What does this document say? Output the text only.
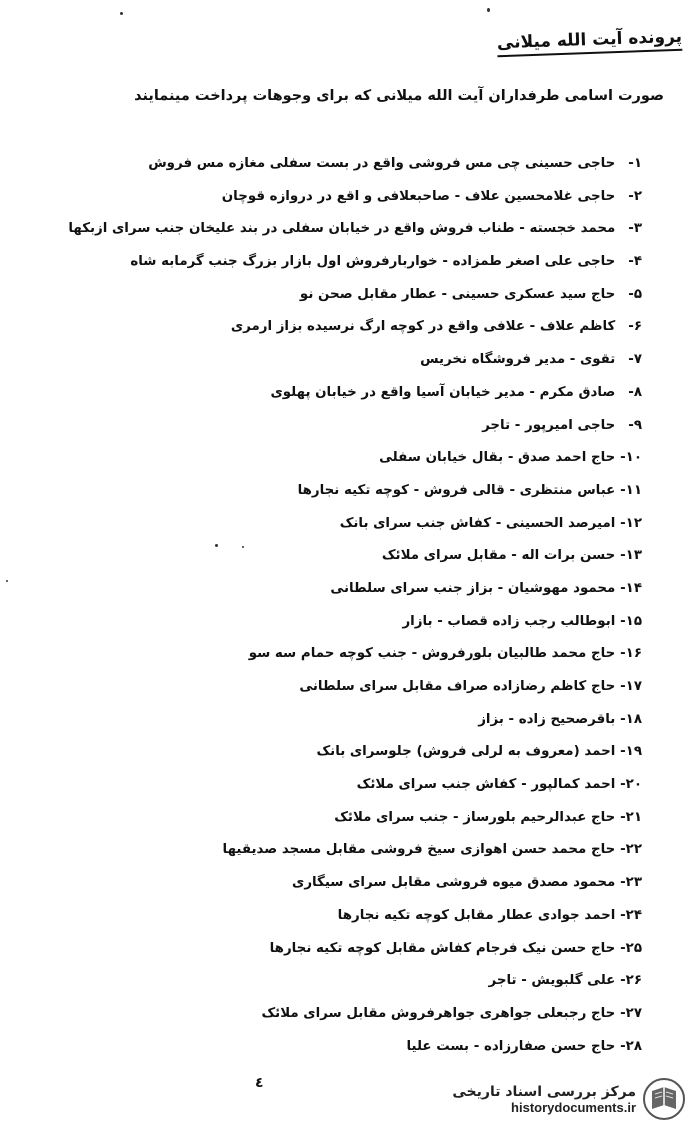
پرونده آیت الله میلانی
صورت اسامی طرفداران آیت الله میلانی که برای وجوهات پرداخت مینمایند
۱- حاجی حسینی چی مس فروشی واقع در بست سفلی مغازه مس فروش
۲- حاجی غلامحسین علاف - صاحبعلافی و اقع در دروازه قوچان
۳- محمد خجسته - طناب فروش واقع در خیابان سفلی در بند علیخان جنب سرای ازبکها
۴- حاجی علی اصغر طمزاده - خواربارفروش اول بازار بزرگ جنب گرمابه شاه
۵- حاج سید عسکری حسینی - عطار مقابل صحن نو
۶- کاظم علاف - علافی واقع در کوچه ارگ نرسیده بزاز ارمری
۷- تقوی - مدیر فروشگاه نخریس
۸- صادق مکرم - مدیر خیابان آسیا واقع در خیابان پهلوی
۹- حاجی امیرپور - تاجر
۱۰- حاج احمد صدق - بقال خیابان سفلی
۱۱- عباس منتظری - قالی فروش - کوچه تکیه نجارها
۱۲- امیرصد الحسینی - کفاش جنب سرای بانک
۱۳- حسن برات اله - مقابل سرای ملائک
۱۴- محمود مهوشیان - بزاز جنب سرای سلطانی
۱۵- ابوطالب رجب زاده قصاب - بازار
۱۶- حاج محمد طالبیان بلورفروش - جنب کوچه حمام سه سو
۱۷- حاج کاظم رضازاده صراف مقابل سرای سلطانی
۱۸- باقرصحیح زاده - بزاز
۱۹- احمد (معروف به لرلی فروش) جلوسرای بانک
۲۰- احمد کمالپور - کفاش جنب سرای ملائک
۲۱- حاج عبدالرحیم بلورساز - جنب سرای ملائک
۲۲- حاج محمد حسن اهوازی سیخ فروشی مقابل مسجد صدیقیها
۲۳- محمود مصدق میوه فروشی مقابل سرای سیگاری
۲۴- احمد جوادی عطار مقابل کوچه تکیه نجارها
۲۵- حاج حسن نیک فرجام کفاش مقابل کوچه تکیه نجارها
۲۶- علی گلبویش - تاجر
۲۷- حاج رجبعلی جواهری جواهرفروش مقابل سرای ملائک
۲۸- حاج حسن صفارزاده - بست علیا
٤
مرکز بررسی اسناد تاریخی
historydocuments.ir
